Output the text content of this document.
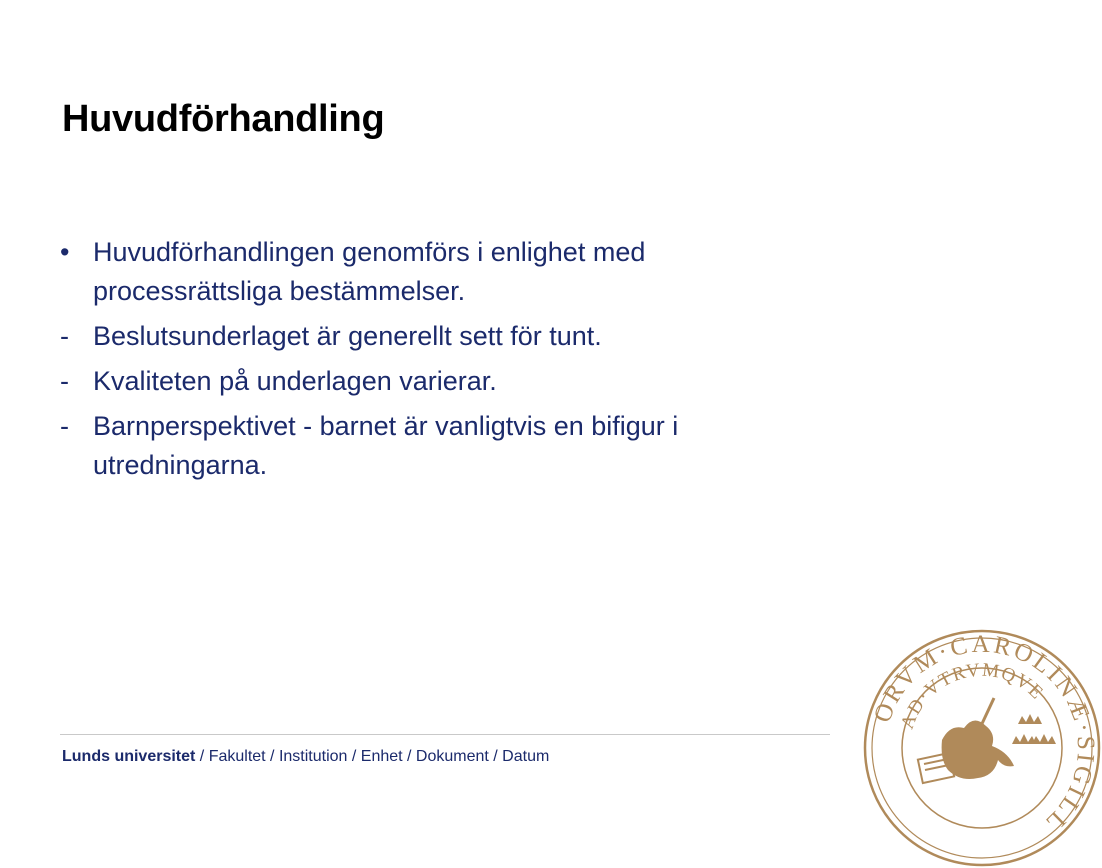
Huvudförhandling
• Huvudförhandlingen genomförs i enlighet med processrättsliga bestämmelser.
- Beslutsunderlaget är generellt sett för tunt.
- Kvaliteten på underlagen varierar.
- Barnperspektivet - barnet är vanligtvis en bifigur i utredningarna.
Lunds universitet / Fakultet / Institution / Enhet / Dokument / Datum
ORVM·CAROLINÆ·SIGILL
AD·VTRVMQVE
